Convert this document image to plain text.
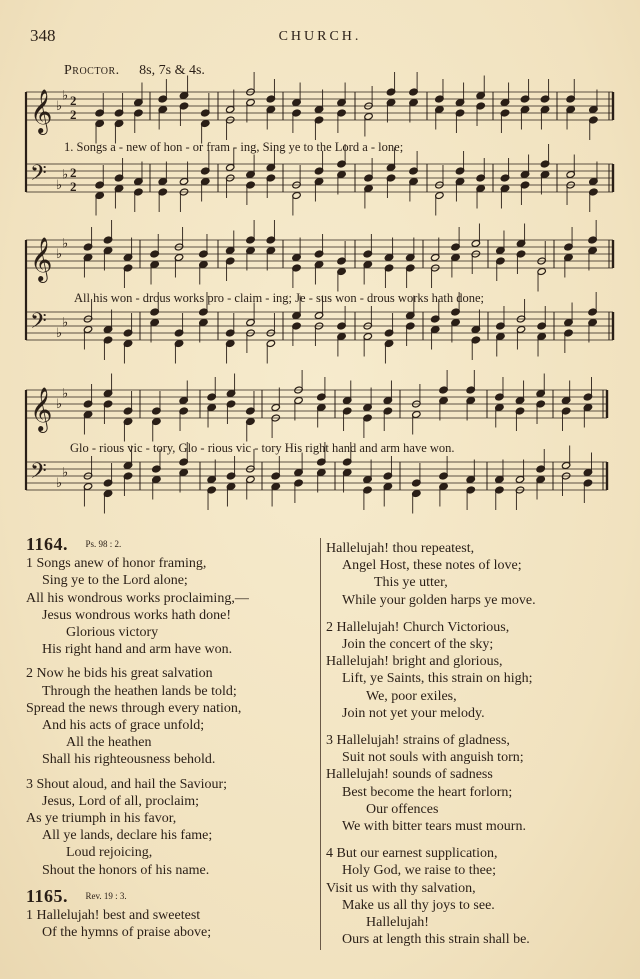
348	CHURCH.
Proctor. 8s, 7s & 4s.
𝄞 ♭
♭ 2
2
𝄢 ♭
♭ 2
2
𝄞 ♭
♭
𝄢 ♭
♭
𝄞 ♭
♭
𝄢 ♭
♭
1. Songs a - new of hon - or fram - ing, Sing ye to the Lord a - lone;
All his won - drous works pro - claim - ing; Je - sus won - drous works hath done;
Glo - rious vic - tory, Glo - rious vic - tory His right hand and arm have won.
1164. $^{Ps. 98 : 2.}$
1 Songs anew of honor framing,
Sing ye to the Lord alone;
All his wondrous works proclaiming,—
Jesus wondrous works hath done!
Glorious victory
His right hand and arm have won.
2 Now he bids his great salvation
Through the heathen lands be told;
Spread the news through every nation,
And his acts of grace unfold;
All the heathen
Shall his righteousness behold.
3 Shout aloud, and hail the Saviour;
Jesus, Lord of all, proclaim;
As ye triumph in his favor,
All ye lands, declare his fame;
Loud rejoicing,
Shout the honors of his name.
1165. $^{Rev. 19 : 3.}$
1 Hallelujah! best and sweetest
Of the hymns of praise above;
Hallelujah! thou repeatest,
Angel Host, these notes of love;
This ye utter,
While your golden harps ye move.
2 Hallelujah! Church Victorious,
Join the concert of the sky;
Hallelujah! bright and glorious,
Lift, ye Saints, this strain on high;
We, poor exiles,
Join not yet your melody.
3 Hallelujah! strains of gladness,
Suit not souls with anguish torn;
Hallelujah! sounds of sadness
Best become the heart forlorn;
Our offences
We with bitter tears must mourn.
4 But our earnest supplication,
Holy God, we raise to thee;
Visit us with thy salvation,
Make us all thy joys to see.
Hallelujah!
Ours at length this strain shall be.
